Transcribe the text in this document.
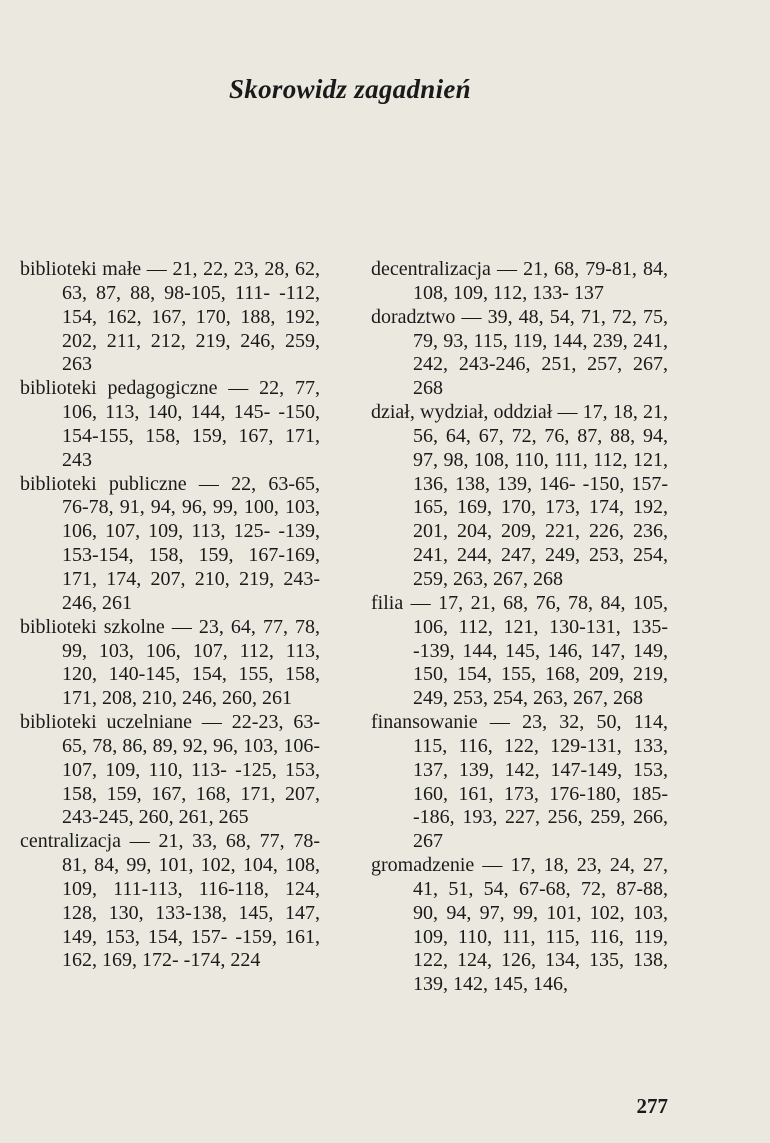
Skorowidz zagadnień
biblioteki małe — 21, 22, 23, 28, 62, 63, 87, 88, 98-105, 111- -112, 154, 162, 167, 170, 188, 192, 202, 211, 212, 219, 246, 259, 263
biblioteki pedagogiczne — 22, 77, 106, 113, 140, 144, 145- -150, 154-155, 158, 159, 167, 171, 243
biblioteki publiczne — 22, 63-65, 76-78, 91, 94, 96, 99, 100, 103, 106, 107, 109, 113, 125- -139, 153-154, 158, 159, 167-169, 171, 174, 207, 210, 219, 243-246, 261
biblioteki szkolne — 23, 64, 77, 78, 99, 103, 106, 107, 112, 113, 120, 140-145, 154, 155, 158, 171, 208, 210, 246, 260, 261
biblioteki uczelniane — 22-23, 63-65, 78, 86, 89, 92, 96, 103, 106-107, 109, 110, 113- -125, 153, 158, 159, 167, 168, 171, 207, 243-245, 260, 261, 265
centralizacja — 21, 33, 68, 77, 78-81, 84, 99, 101, 102, 104, 108, 109, 111-113, 116-118, 124, 128, 130, 133-138, 145, 147, 149, 153, 154, 157- -159, 161, 162, 169, 172- -174, 224
decentralizacja — 21, 68, 79-81, 84, 108, 109, 112, 133- 137
doradztwo — 39, 48, 54, 71, 72, 75, 79, 93, 115, 119, 144, 239, 241, 242, 243-246, 251, 257, 267, 268
dział, wydział, oddział — 17, 18, 21, 56, 64, 67, 72, 76, 87, 88, 94, 97, 98, 108, 110, 111, 112, 121, 136, 138, 139, 146- -150, 157-165, 169, 170, 173, 174, 192, 201, 204, 209, 221, 226, 236, 241, 244, 247, 249, 253, 254, 259, 263, 267, 268
filia — 17, 21, 68, 76, 78, 84, 105, 106, 112, 121, 130-131, 135- -139, 144, 145, 146, 147, 149, 150, 154, 155, 168, 209, 219, 249, 253, 254, 263, 267, 268
finansowanie — 23, 32, 50, 114, 115, 116, 122, 129-131, 133, 137, 139, 142, 147-149, 153, 160, 161, 173, 176-180, 185- -186, 193, 227, 256, 259, 266, 267
gromadzenie — 17, 18, 23, 24, 27, 41, 51, 54, 67-68, 72, 87-88, 90, 94, 97, 99, 101, 102, 103, 109, 110, 111, 115, 116, 119, 122, 124, 126, 134, 135, 138, 139, 142, 145, 146,
277
